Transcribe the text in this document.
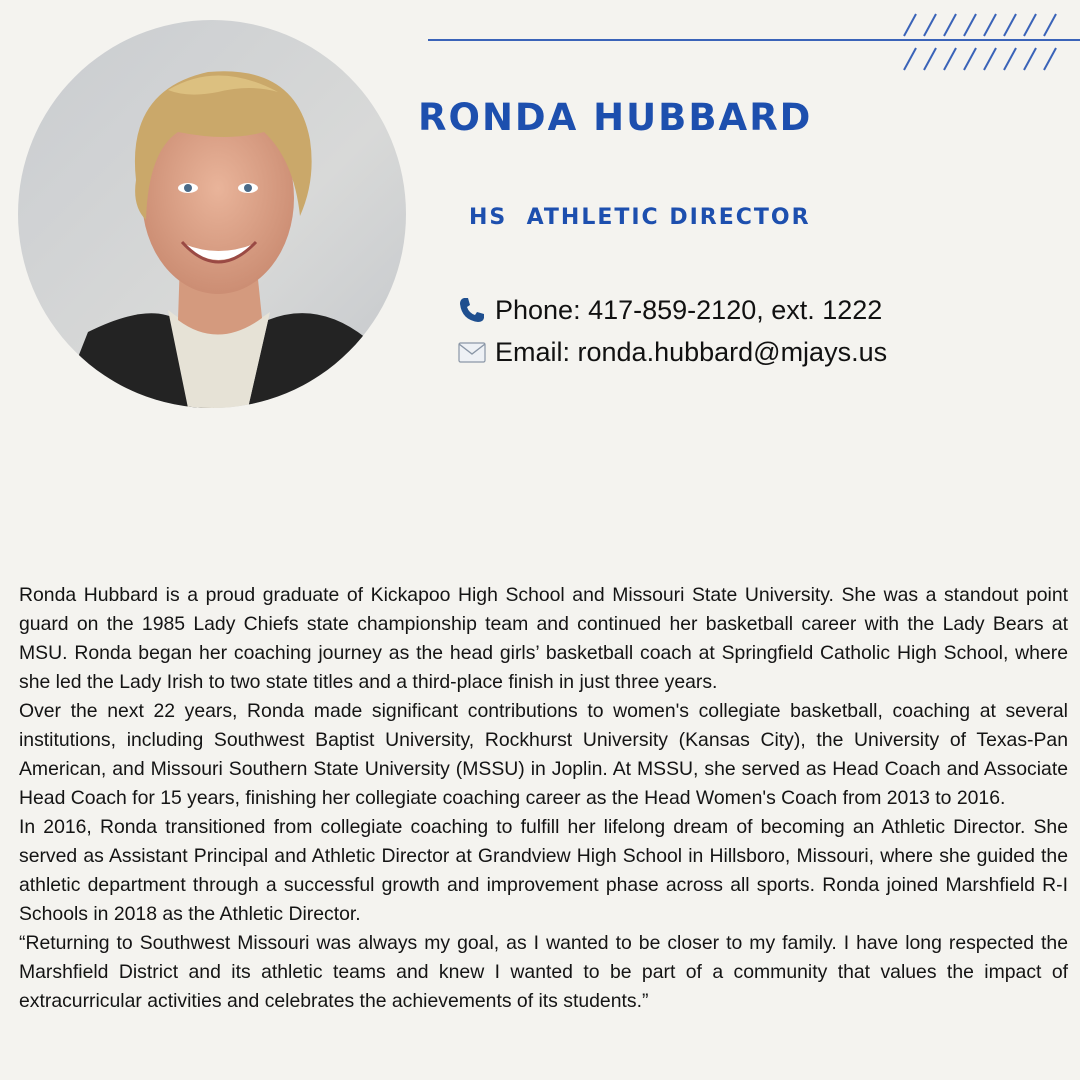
RONDA HUBBARD
HS  ATHLETIC DIRECTOR
Phone: 417-859-2120, ext. 1222
Email: ronda.hubbard@mjays.us

Ronda Hubbard is a proud graduate of Kickapoo High School and Missouri State University. She was a standout point guard on the 1985 Lady Chiefs state championship team and continued her basketball career with the Lady Bears at MSU. Ronda began her coaching journey as the head girls’ basketball coach at Springfield Catholic High School, where she led the Lady Irish to two state titles and a third-place finish in just three years.

Over the next 22 years, Ronda made significant contributions to women's collegiate basketball, coaching at several institutions, including Southwest Baptist University, Rockhurst University (Kansas City), the University of Texas-Pan American, and Missouri Southern State University (MSSU) in Joplin. At MSSU, she served as Head Coach and Associate Head Coach for 15 years, finishing her collegiate coaching career as the Head Women's Coach from 2013 to 2016.

In 2016, Ronda transitioned from collegiate coaching to fulfill her lifelong dream of becoming an Athletic Director. She served as Assistant Principal and Athletic Director at Grandview High School in Hillsboro, Missouri, where she guided the athletic department through a successful growth and improvement phase across all sports. Ronda joined Marshfield R-I Schools in 2018 as the Athletic Director.

“Returning to Southwest Missouri was always my goal, as I wanted to be closer to my family. I have long respected the Marshfield District and its athletic teams and knew I wanted to be part of a community that values the impact of extracurricular activities and celebrates the achievements of its students.”
